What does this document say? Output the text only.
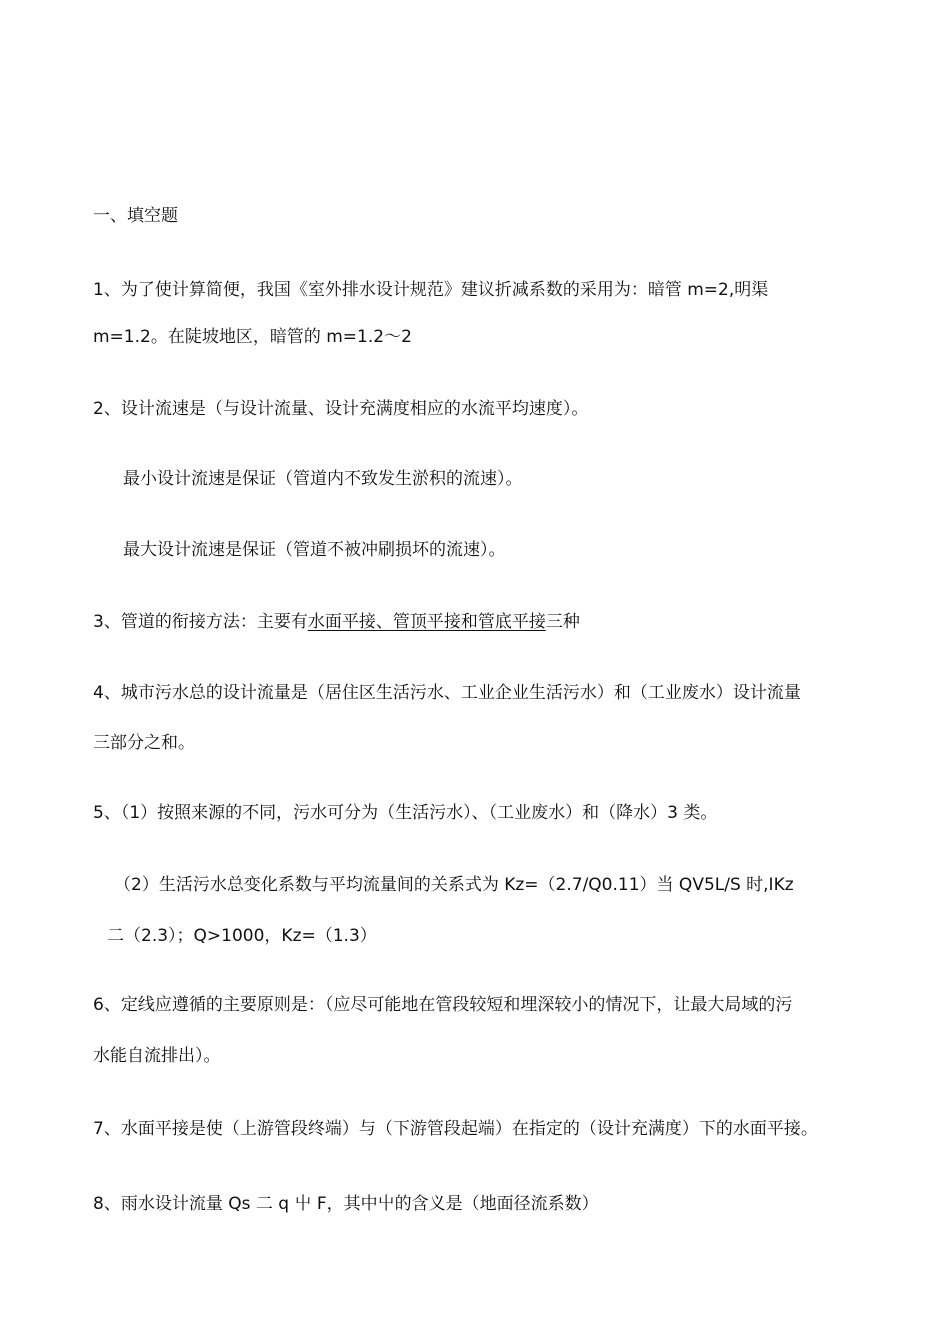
一、填空题
1、为了使计算简便，我国《室外排水设计规范》建议折减系数的采用为：暗管 m=2,明渠
m=1.2。在陡坡地区，暗管的 m=1.2～2
2、设计流速是（与设计流量、设计充满度相应的水流平均速度）。
最小设计流速是保证（管道内不致发生淤积的流速）。
最大设计流速是保证（管道不被冲刷损坏的流速）。
3、管道的衔接方法：主要有水面平接、管顶平接和管底平接三种
4、城市污水总的设计流量是（居住区生活污水、工业企业生活污水）和（工业废水）设计流量
三部分之和。
5、（1）按照来源的不同，污水可分为（生活污水）、（工业废水）和（降水）3 类。
（2）生活污水总变化系数与平均流量间的关系式为 Kz=（2.7/Q0.11）当 QV5L/S 时,IKz
二（2.3）；Q>1000，Kz=（1.3）
6、定线应遵循的主要原则是：（应尽可能地在管段较短和埋深较小的情况下，让最大局域的污
水能自流排出）。
7、水面平接是使（上游管段终端）与（下游管段起端）在指定的（设计充满度）下的水面平接。
8、雨水设计流量 Qs 二 q 屮 F，其中屮的含义是（地面径流系数）
